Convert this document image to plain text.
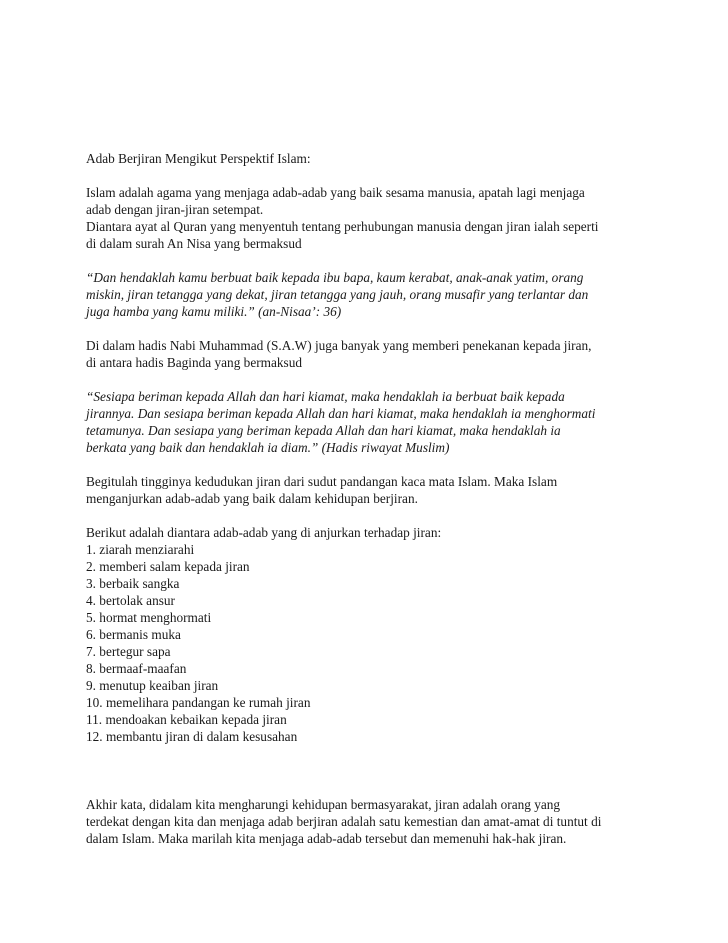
Adab Berjiran Mengikut Perspektif Islam:
Islam adalah agama yang menjaga adab-adab yang baik sesama manusia, apatah lagi menjaga
adab dengan jiran-jiran setempat.
Diantara ayat al Quran yang menyentuh tentang perhubungan manusia dengan jiran ialah seperti
di dalam surah An Nisa yang bermaksud
“Dan hendaklah kamu berbuat baik kepada ibu bapa, kaum kerabat, anak-anak yatim, orang
miskin, jiran tetangga yang dekat, jiran tetangga yang jauh, orang musafir yang terlantar dan
juga hamba yang kamu miliki.” (an-Nisaa’: 36)
Di dalam hadis Nabi Muhammad (S.A.W) juga banyak yang memberi penekanan kepada jiran,
di antara hadis Baginda yang bermaksud
“Sesiapa beriman kepada Allah dan hari kiamat, maka hendaklah ia berbuat baik kepada
jirannya. Dan sesiapa beriman kepada Allah dan hari kiamat, maka hendaklah ia menghormati
tetamunya. Dan sesiapa yang beriman kepada Allah dan hari kiamat, maka hendaklah ia
berkata yang baik dan hendaklah ia diam.” (Hadis riwayat Muslim)
Begitulah tingginya kedudukan jiran dari sudut pandangan kaca mata Islam. Maka Islam
menganjurkan adab-adab yang baik dalam kehidupan berjiran.
Berikut adalah diantara adab-adab yang di anjurkan terhadap jiran:
1. ziarah menziarahi
2. memberi salam kepada jiran
3. berbaik sangka
4. bertolak ansur
5. hormat menghormati
6. bermanis muka
7. bertegur sapa
8. bermaaf-maafan
9. menutup keaiban jiran
10. memelihara pandangan ke rumah jiran
11. mendoakan kebaikan kepada jiran
12. membantu jiran di dalam kesusahan
Akhir kata, didalam kita mengharungi kehidupan bermasyarakat, jiran adalah orang yang
terdekat dengan kita dan menjaga adab berjiran adalah satu kemestian dan amat-amat di tuntut di
dalam Islam. Maka marilah kita menjaga adab-adab tersebut dan memenuhi hak-hak jiran.
